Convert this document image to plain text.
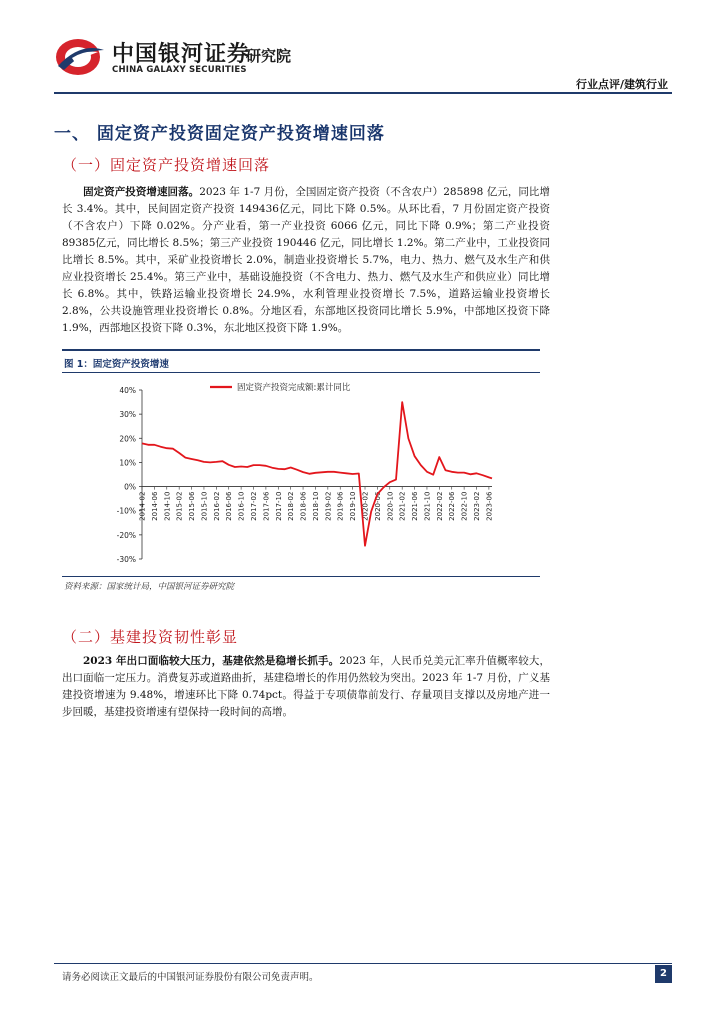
中国银河证券
CHINA GALAXY SECURITIES
研究院
行业点评/建筑行业
一、 固定资产投资固定资产投资增速回落
（一）固定资产投资增速回落
固定资产投资增速回落。2023 年 1-7 月份，全国固定资产投资（不含农户）285898 亿元，同比增长 3.4%。其中，民间固定资产投资 149436亿元，同比下降 0.5%。从环比看，7 月份固定资产投资（不含农户）下降 0.02%。分产业看，第一产业投资 6066 亿元，同比下降 0.9%；第二产业投资 89385亿元，同比增长 8.5%；第三产业投资 190446 亿元，同比增长 1.2%。第二产业中，工业投资同比增长 8.5%。其中，采矿业投资增长 2.0%，制造业投资增长 5.7%，电力、热力、燃气及水生产和供应业投资增长 25.4%。第三产业中，基础设施投资（不含电力、热力、燃气及水生产和供应业）同比增长 6.8%。其中，铁路运输业投资增长 24.9%，水利管理业投资增长 7.5%，道路运输业投资增长 2.8%，公共设施管理业投资增长 0.8%。分地区看，东部地区投资同比增长 5.9%，中部地区投资下降 1.9%，西部地区投资下降 0.3%，东北地区投资下降 1.9%。
图 1：固定资产投资增速
40%
30%
20%
10%
0%
-10%
-20%
-30%
2014-02 2014-06 2014-10 2015-02 2015-06 2015-10 2016-02 2016-06 2016-10 2017-02 2017-06 2017-10 2018-02 2018-06 2018-10 2019-02 2019-06 2019-10 2020-02 2020-06 2020-10 2021-02 2021-06 2021-10 2022-02 2022-06 2022-10 2023-02 2023-06
固定资产投资完成额:累计同比
资料来源：国家统计局，中国银河证券研究院
（二）基建投资韧性彰显
2023 年出口面临较大压力，基建依然是稳增长抓手。2023 年，人民币兑美元汇率升值概率较大，出口面临一定压力。消费复苏或道路曲折，基建稳增长的作用仍然较为突出。2023 年 1-7 月份，广义基建投资增速为 9.48%，增速环比下降 0.74pct。得益于专项债靠前发行、存量项目支撑以及房地产进一步回暖，基建投资增速有望保持一段时间的高增。
请务必阅读正文最后的中国银河证券股份有限公司免责声明。	2
